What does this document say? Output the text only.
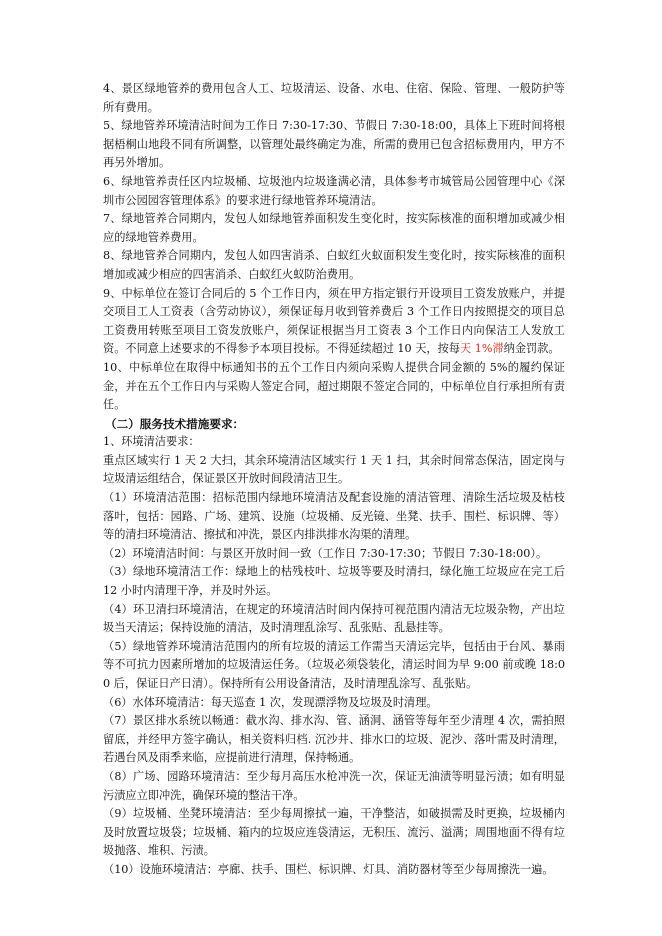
4、景区绿地管养的费用包含人工、垃圾清运、设备、水电、住宿、保险、管理、一般防护等所有费用。

5、绿地管养环境清洁时间为工作日 7:30-17:30、节假日 7:30-18:00，具体上下班时间将根据梧桐山地段不同有所调整，以管理处最终确定为准，所需的费用已包含招标费用内，甲方不再另外增加。

6、绿地管养责任区内垃圾桶、垃圾池内垃圾逢满必清，具体参考市城管局公园管理中心《深圳市公园园容管理体系》的要求进行绿地管养环境清洁。

7、绿地管养合同期内，发包人如绿地管养面积发生变化时，按实际核准的面积增加或减少相应的绿地管养费用。

8、绿地管养合同期内，发包人如四害消杀、白蚁红火蚁面积发生变化时，按实际核准的面积增加或减少相应的四害消杀、白蚁红火蚁防治费用。

9、中标单位在签订合同后的 5 个工作日内，须在甲方指定银行开设项目工资发放账户，并提交项目工人工资表（含劳动协议），须保证每月收到管养费后 3 个工作日内按照提交的项目总工资费用转账至项目工资发放账户，须保证根据当月工资表 3 个工作日内向保洁工人发放工资。不同意上述要求的不得参予本项目投标。不得延续超过 10 天，按每天 1%滞纳金罚款。

10、中标单位在取得中标通知书的五个工作日内须向采购人提供合同金额的 5%的履约保证金，并在五个工作日内与采购人签定合同，超过期限不签定合同的，中标单位自行承担所有责任。

（二）服务技术措施要求：

1、环境清洁要求：

重点区域实行 1 天 2 大扫，其余环境清洁区域实行 1 天 1 扫，其余时间常态保洁，固定岗与垃圾清运组结合，保证景区开放时间段清洁卫生。

（1）环境清洁范围：招标范围内绿地环境清洁及配套设施的清洁管理、清除生活垃圾及枯枝落叶，包括：园路、广场、建筑、设施（垃圾桶、反光镜、坐凳、扶手、围栏、标识牌、等）等的清扫环境清洁、擦拭和冲洗，景区内排洪排水沟渠的清理。

（2）环境清洁时间：与景区开放时间一致（工作日 7:30-17:30；节假日 7:30-18:00）。

（3）绿地环境清洁工作：绿地上的枯残枝叶、垃圾等要及时清扫，绿化施工垃圾应在完工后 12 小时内清理干净，并及时外运。

（4）环卫清扫环境清洁，在规定的环境清洁时间内保持可视范围内清洁无垃圾杂物，产出垃圾当天清运；保持设施的清洁，及时清理乱涂写、乱张贴、乱悬挂等。

（5）绿地管养环境清洁范围内的所有垃圾的清运工作需当天清运完毕，包括由于台风、暴雨等不可抗力因素所增加的垃圾清运任务。（垃圾必须袋装化，清运时间为早 9:00 前或晚 18:00 后，保证日产日清）。保持所有公用设备清洁，及时清理乱涂写、乱张贴。

（6）水体环境清洁：每天巡查 1 次，发现漂浮物及垃圾及时清理。

（7）景区排水系统以畅通：截水沟、排水沟、管、涵洞、涵管等每年至少清理 4 次，需拍照留底，并经甲方签字确认，相关资料归档. 沉沙井、排水口的垃圾、泥沙、落叶需及时清理，若遇台风及雨季来临，应提前进行清理，保持畅通。

（8）广场、园路环境清洁：至少每月高压水枪冲洗一次，保证无油渍等明显污渍；如有明显污渍应立即冲洗，确保环境的整洁干净。

（9）垃圾桶、坐凳环境清洁：至少每周擦拭一遍，干净整洁，如破损需及时更换，垃圾桶内及时放置垃圾袋；垃圾桶、箱内的垃圾应连袋清运，无积压、流污、溢满；周围地面不得有垃圾抛落、堆积、污渍。

（10）设施环境清洁：亭廊、扶手、围栏、标识牌、灯具、消防器材等至少每周擦洗一遍。
